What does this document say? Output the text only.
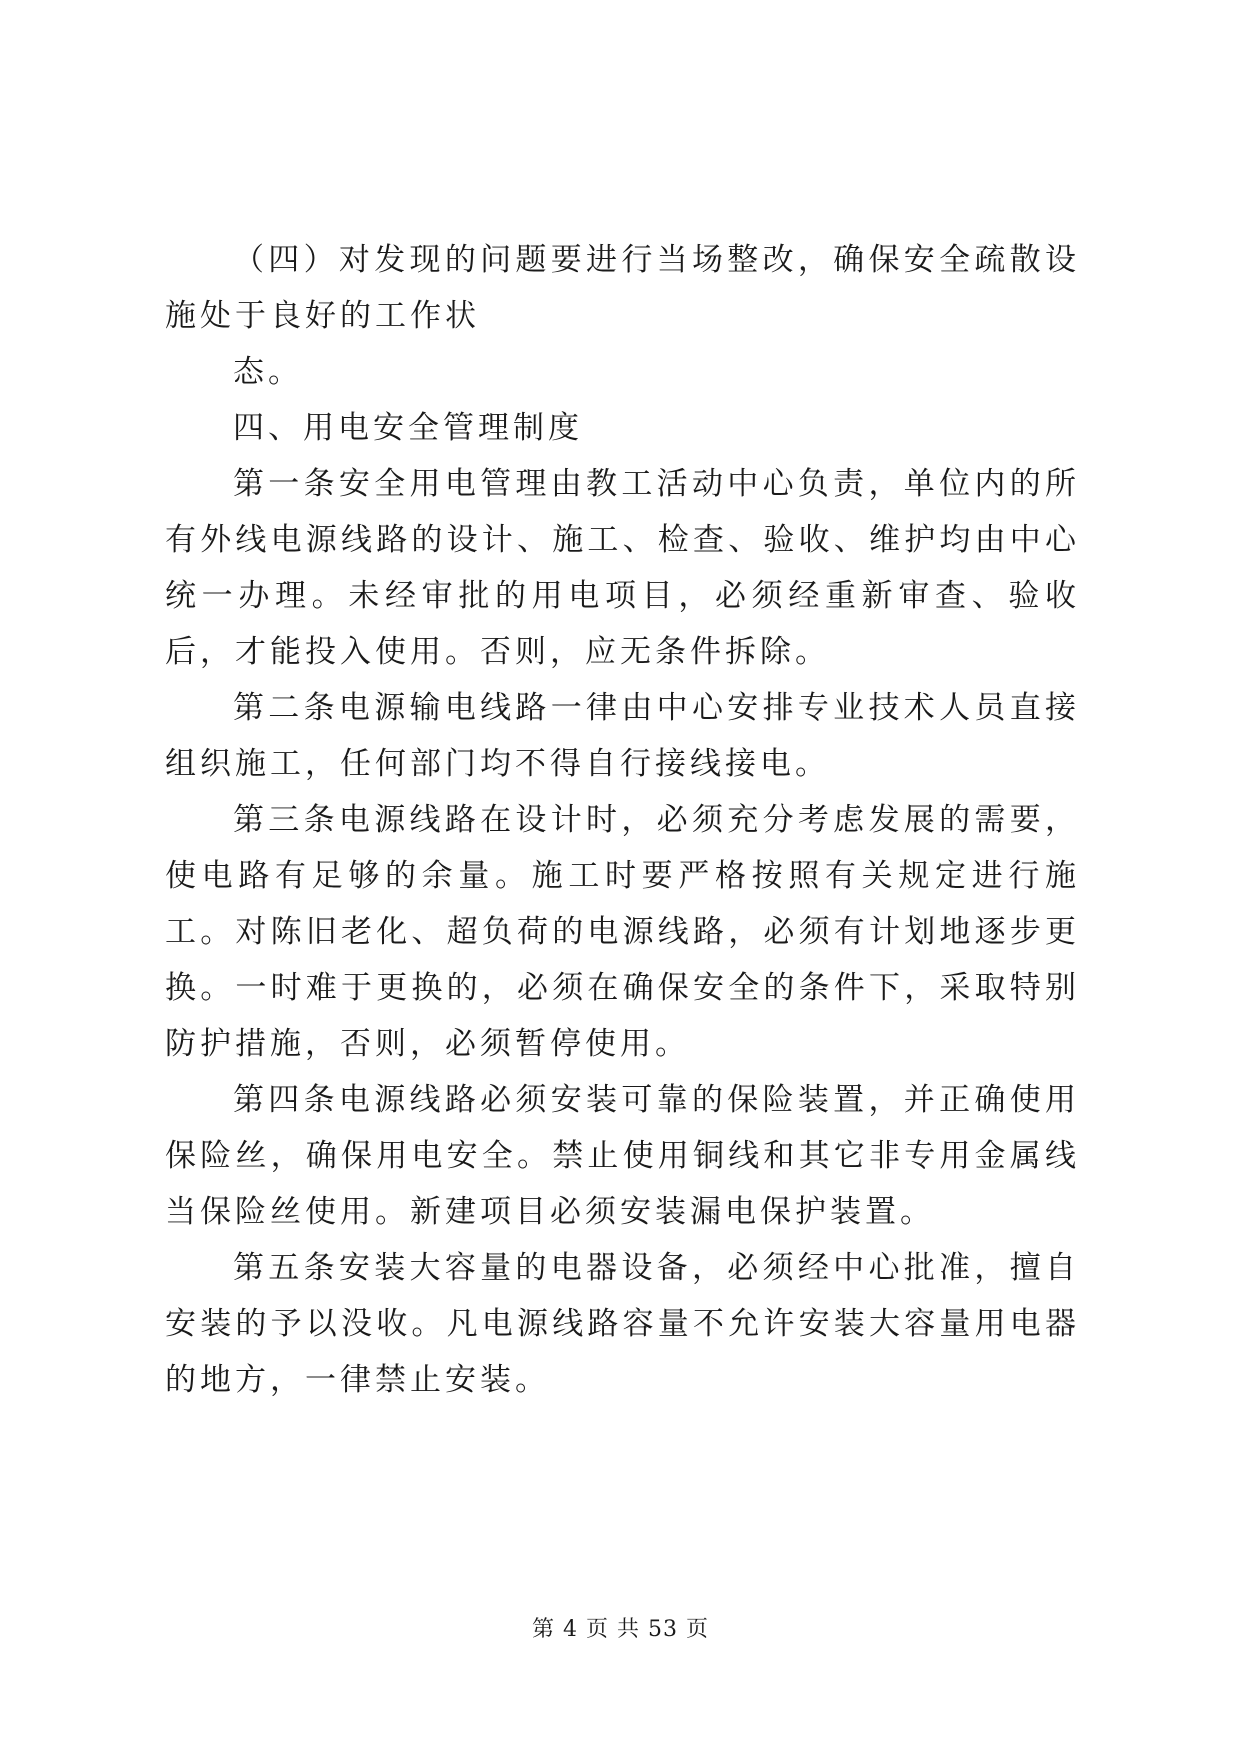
（四）对发现的问题要进行当场整改，确保安全疏散设施处于良好的工作状

态。

四、用电安全管理制度

第一条安全用电管理由教工活动中心负责，单位内的所有外线电源线路的设计、施工、检查、验收、维护均由中心统一办理。未经审批的用电项目，必须经重新审查、验收后，才能投入使用。否则，应无条件拆除。

第二条电源输电线路一律由中心安排专业技术人员直接组织施工，任何部门均不得自行接线接电。

第三条电源线路在设计时，必须充分考虑发展的需要，使电路有足够的余量。施工时要严格按照有关规定进行施工。对陈旧老化、超负荷的电源线路，必须有计划地逐步更换。一时难于更换的，必须在确保安全的条件下，采取特别防护措施，否则，必须暂停使用。

第四条电源线路必须安装可靠的保险装置，并正确使用保险丝，确保用电安全。禁止使用铜线和其它非专用金属线当保险丝使用。新建项目必须安装漏电保护装置。

第五条安装大容量的电器设备，必须经中心批准，擅自安装的予以没收。凡电源线路容量不允许安装大容量用电器的地方，一律禁止安装。

第 4 页 共 53 页
